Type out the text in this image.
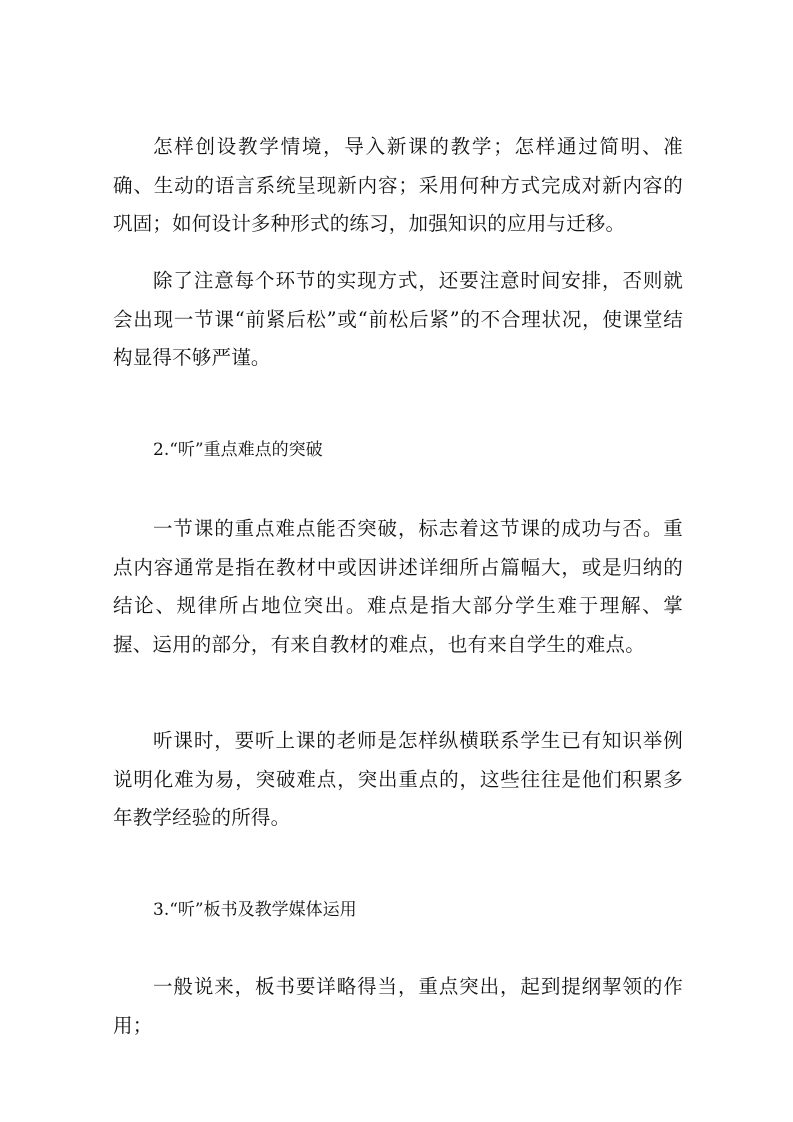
怎样创设教学情境，导入新课的教学；怎样通过简明、准确、生动的语言系统呈现新内容；采用何种方式完成对新内容的巩固；如何设计多种形式的练习，加强知识的应用与迁移。

除了注意每个环节的实现方式，还要注意时间安排，否则就会出现一节课“前紧后松”或“前松后紧”的不合理状况，使课堂结构显得不够严谨。

2.“听”重点难点的突破

一节课的重点难点能否突破，标志着这节课的成功与否。重点内容通常是指在教材中或因讲述详细所占篇幅大，或是归纳的结论、规律所占地位突出。难点是指大部分学生难于理解、掌握、运用的部分，有来自教材的难点，也有来自学生的难点。

听课时，要听上课的老师是怎样纵横联系学生已有知识举例说明化难为易，突破难点，突出重点的，这些往往是他们积累多年教学经验的所得。

3.“听”板书及教学媒体运用

一般说来，板书要详略得当，重点突出，起到提纲挈领的作用；
